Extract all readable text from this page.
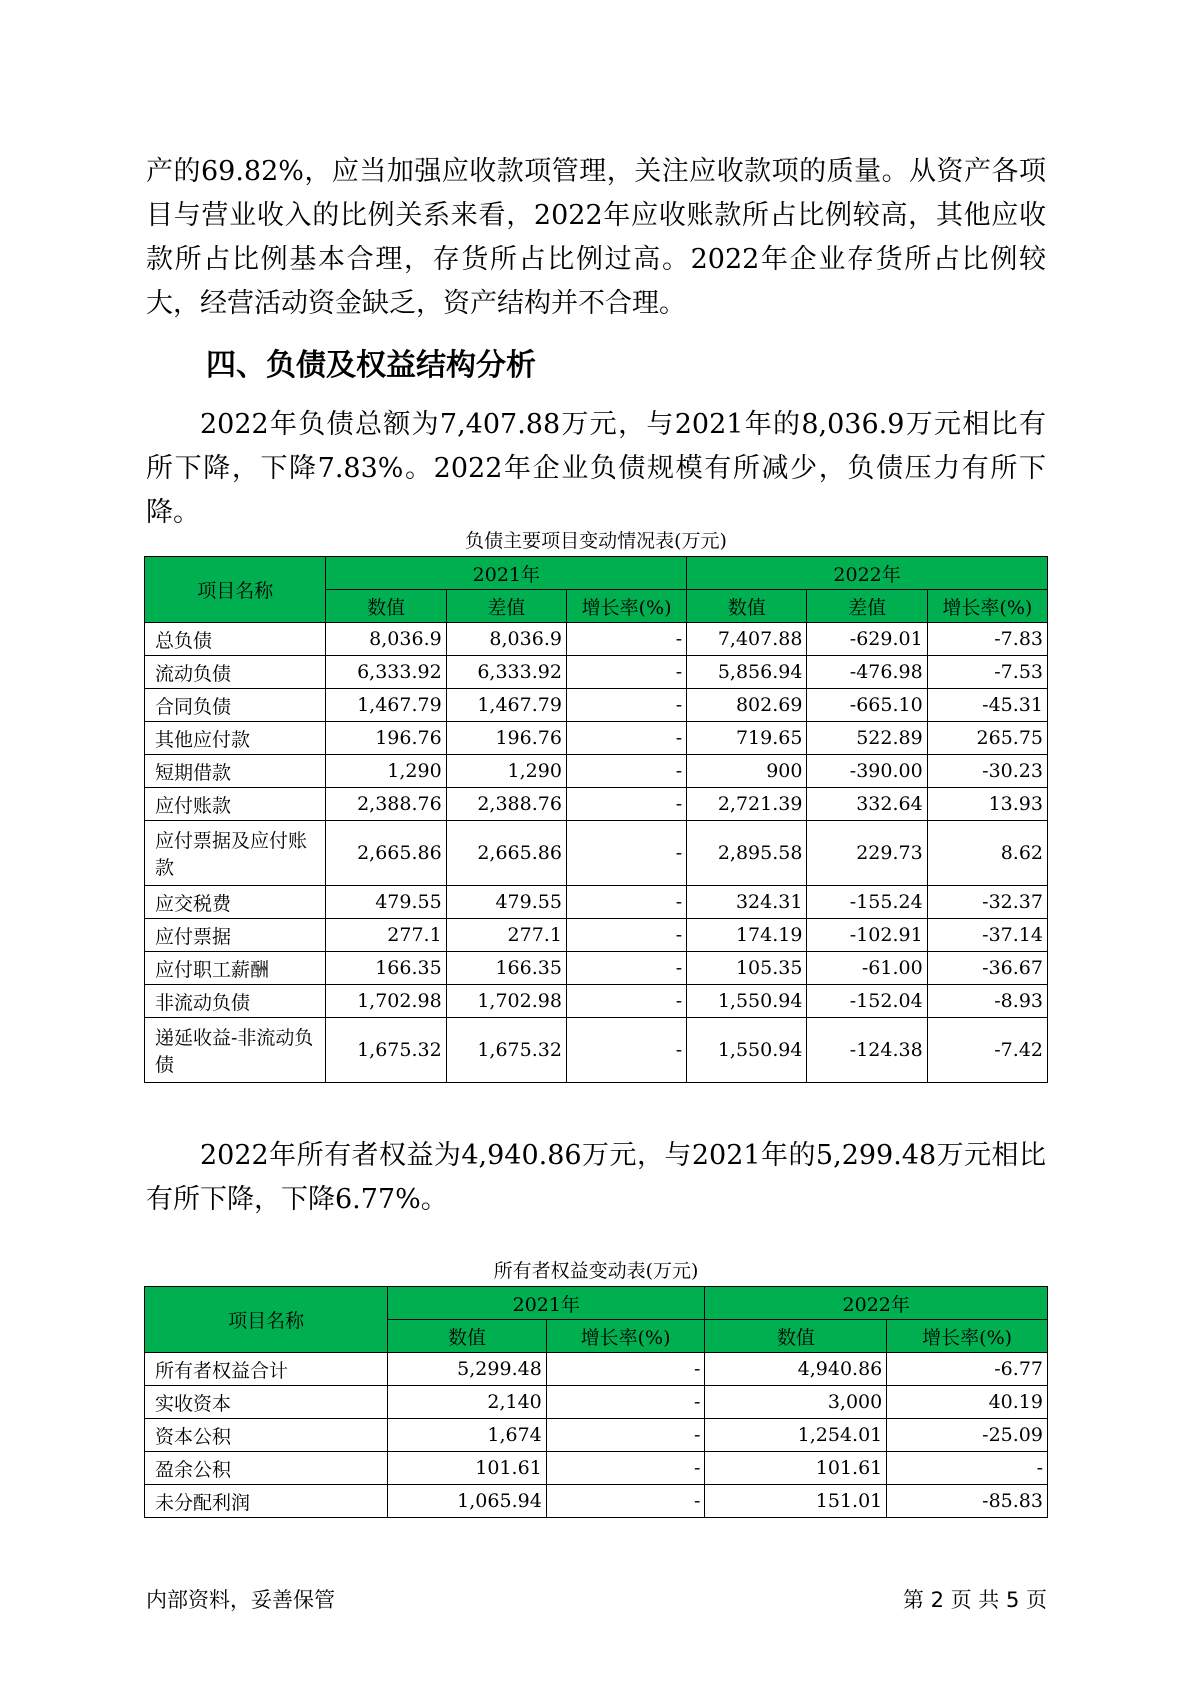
产的69.82%，应当加强应收款项管理，关注应收款项的质量。从资产各项目与营业收入的比例关系来看，2022年应收账款所占比例较高，其他应收款所占比例基本合理，存货所占比例过高。2022年企业存货所占比例较大，经营活动资金缺乏，资产结构并不合理。

四、负债及权益结构分析

2022年负债总额为7,407.88万元，与2021年的8,036.9万元相比有所下降，下降7.83%。2022年企业负债规模有所减少，负债压力有所下降。

负债主要项目变动情况表(万元)
项目名称	2021年			2022年		
	数值	差值	增长率(%)	数值	差值	增长率(%)
总负债	8,036.9	8,036.9	-	7,407.88	-629.01	-7.83
流动负债	6,333.92	6,333.92	-	5,856.94	-476.98	-7.53
合同负债	1,467.79	1,467.79	-	802.69	-665.10	-45.31
其他应付款	196.76	196.76	-	719.65	522.89	265.75
短期借款	1,290	1,290	-	900	-390.00	-30.23
应付账款	2,388.76	2,388.76	-	2,721.39	332.64	13.93
应付票据及应付账款	2,665.86	2,665.86	-	2,895.58	229.73	8.62
应交税费	479.55	479.55	-	324.31	-155.24	-32.37
应付票据	277.1	277.1	-	174.19	-102.91	-37.14
应付职工薪酬	166.35	166.35	-	105.35	-61.00	-36.67
非流动负债	1,702.98	1,702.98	-	1,550.94	-152.04	-8.93
递延收益-非流动负债	1,675.32	1,675.32	-	1,550.94	-124.38	-7.42

2022年所有者权益为4,940.86万元，与2021年的5,299.48万元相比有所下降，下降6.77%。

所有者权益变动表(万元)
项目名称	2021年		2022年	
	数值	增长率(%)	数值	增长率(%)
所有者权益合计	5,299.48	-	4,940.86	-6.77
实收资本	2,140	-	3,000	40.19
资本公积	1,674	-	1,254.01	-25.09
盈余公积	101.61	-	101.61	-
未分配利润	1,065.94	-	151.01	-85.83
内部资料，妥善保管	第 2 页 共 5 页
